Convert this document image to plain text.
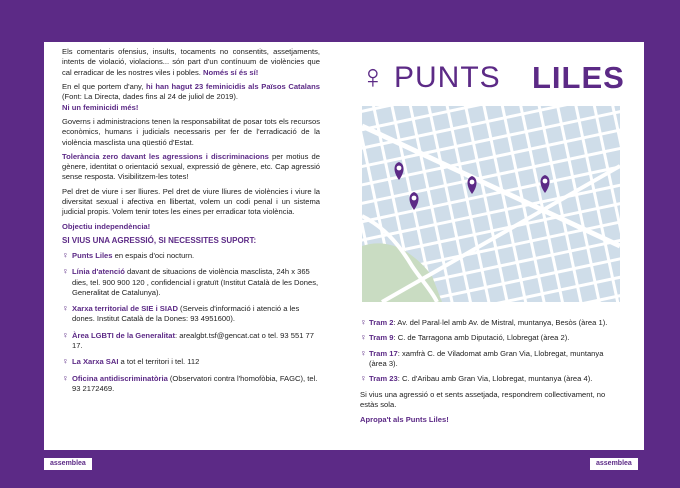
Els comentaris ofensius, insults, tocaments no consentits, assetjaments, intents de violació, violacions... són part d'un contínuum de violències que cal erradicar de les nostres viles i pobles. Només sí és sí!

En el que portem d'any, hi han hagut 23 feminicidis als Països Catalans (Font: La Directa, dades fins al 24 de juliol de 2019).
Ni un feminicidi més!

Governs i administracions tenen la responsabilitat de posar tots els recursos econòmics, humans i judicials necessaris per fer de l'erradicació de la violència masclista una qüestió d'Estat.

Tolerància zero davant les agressions i discriminacions per motius de gènere, identitat o orientació sexual, expressió de gènere, etc. Cap agressió sense resposta. Visibilitzem-les totes!

Pel dret de viure i ser lliures. Pel dret de viure lliures de violències i viure la diversitat sexual i afectiva en llibertat, volem un codi penal i un sistema judicial propis. Volem tenir totes les eines per erradicar tota violència.

Objectiu independència!

SI VIUS UNA AGRESSIÓ, SI NECESSITES SUPORT:

♀ Punts Liles en espais d'oci nocturn.
♀ Línia d'atenció davant de situacions de violència masclista, 24h x 365 dies, tel. 900 900 120 , confidencial i gratuït (Institut Català de les Dones, Generalitat de Catalunya).
♀ Xarxa territorial de SIE i SIAD (Serveis d'informació i atenció a les dones. Institut Català de la Dones: 93 4951600).
♀ Àrea LGBTI de la Generalitat: arealgbt.tsf@gencat.cat o tel. 93 551 77 17.
♀ La Xarxa SAI a tot el territori i tel. 112
♀ Oficina antidiscriminatòria (Observatori contra l'homofòbia, FAGC), tel. 93 2172469.
♀ PUNTS LILES
♀ Tram 2: Av. del Paral·lel amb Av. de Mistral, muntanya, Besòs (àrea 1).
♀ Tram 9: C. de Tarragona amb Diputació, Llobregat (àrea 2).
♀ Tram 17: xamfrà C. de Viladomat amb Gran Via, Llobregat, muntanya (àrea 3).
♀ Tram 23: C. d'Aribau amb Gran Via, Llobregat, muntanya (àrea 4).

Si vius una agressió o et sents assetjada, respondrem collectivament, no estàs sola.

Apropa't als Punts Liles!

assemblea	assemblea
